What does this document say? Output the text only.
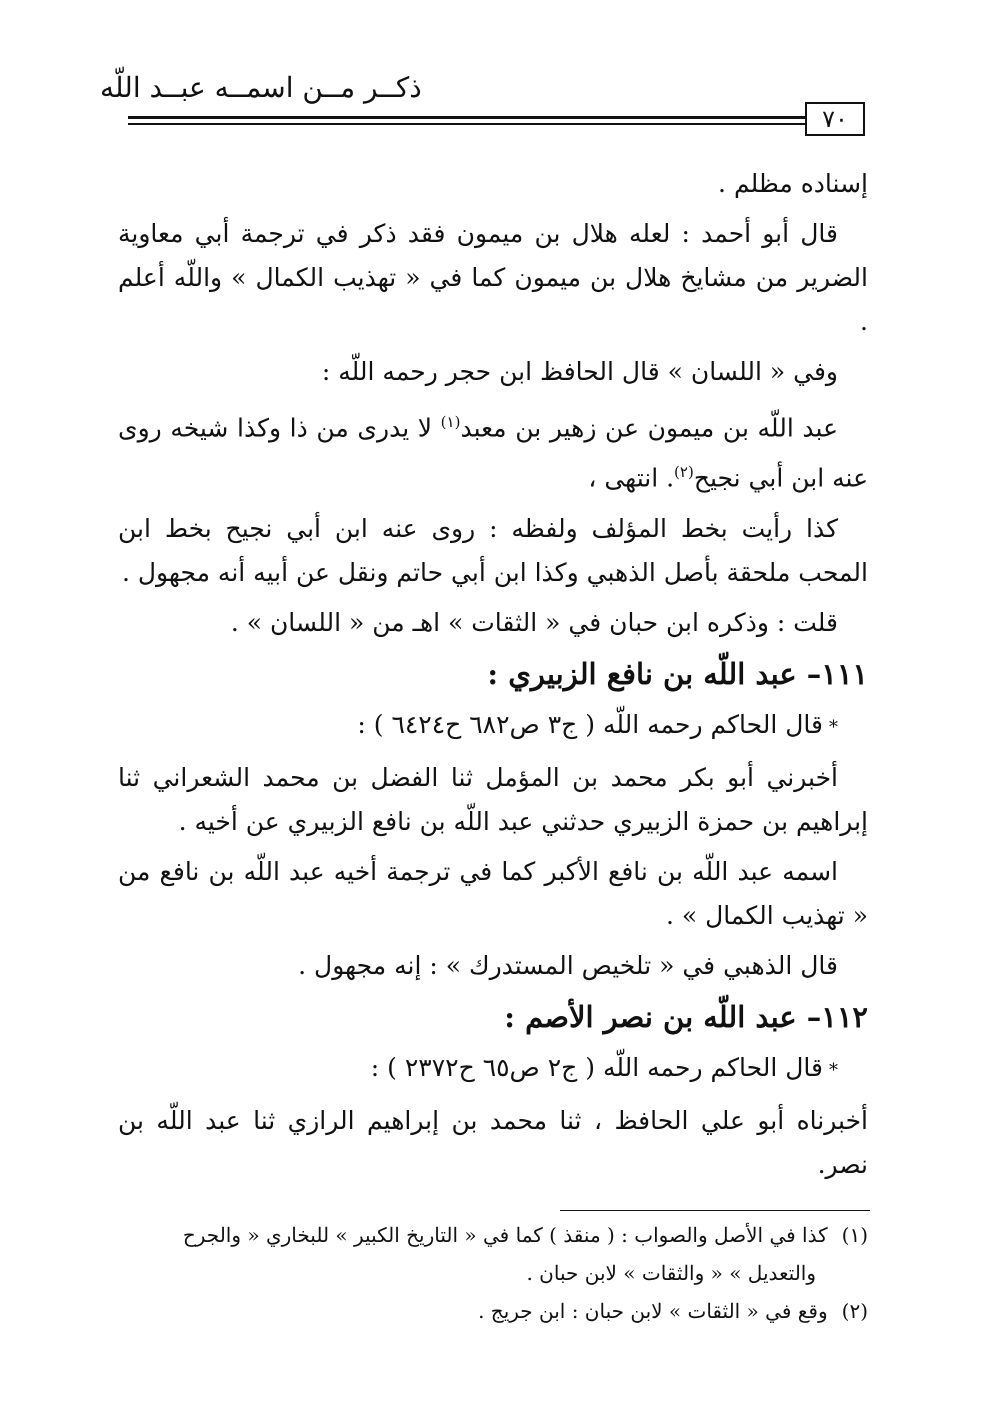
ذكــر مــن اسمــه عبــد اللّه
٧٠

إسناده مظلم .

قال أبو أحمد : لعله هلال بن ميمون فقد ذكر في ترجمة أبي معاوية الضرير من مشايخ هلال بن ميمون كما في « تهذيب الكمال » واللّه أعلم .

وفي « اللسان » قال الحافظ ابن حجر رحمه اللّه :

عبد اللّه بن ميمون عن زهير بن معبد$^{(١)}$ لا يدرى من ذا وكذا شيخه روى عنه ابن أبي نجيح$^{(٢)}$. انتهى ،

كذا رأيت بخط المؤلف ولفظه : روى عنه ابن أبي نجيح بخط ابن المحب ملحقة بأصل الذهبي وكذا ابن أبي حاتم ونقل عن أبيه أنه مجهول .

قلت : وذكره ابن حبان في « الثقات » اهـ من « اللسان » .

١١١– عبد اللّه بن نافع الزبيري :

*قال الحاكم رحمه اللّه ( ج٣ ص٦٨٢ ح٦٤٢٤ ) :

أخبرني أبو بكر محمد بن المؤمل ثنا الفضل بن محمد الشعراني ثنا إبراهيم بن حمزة الزبيري حدثني عبد اللّه بن نافع الزبيري عن أخيه .

اسمه عبد اللّه بن نافع الأكبر كما في ترجمة أخيه عبد اللّه بن نافع من « تهذيب الكمال » .

قال الذهبي في « تلخيص المستدرك » : إنه مجهول .

١١٢– عبد اللّه بن نصر الأصم :

*قال الحاكم رحمه اللّه ( ج٢ ص٦٥ ح٢٣٧٢ ) :

أخبرناه أبو علي الحافظ ، ثنا محمد بن إبراهيم الرازي ثنا عبد اللّه بن نصر.

(١)كذا في الأصل والصواب : ( منقذ ) كما في « التاريخ الكبير » للبخاري « والجرح

والتعديل » « والثقات » لابن حبان .

(٢)وقع في « الثقات » لابن حبان : ابن جريج .
